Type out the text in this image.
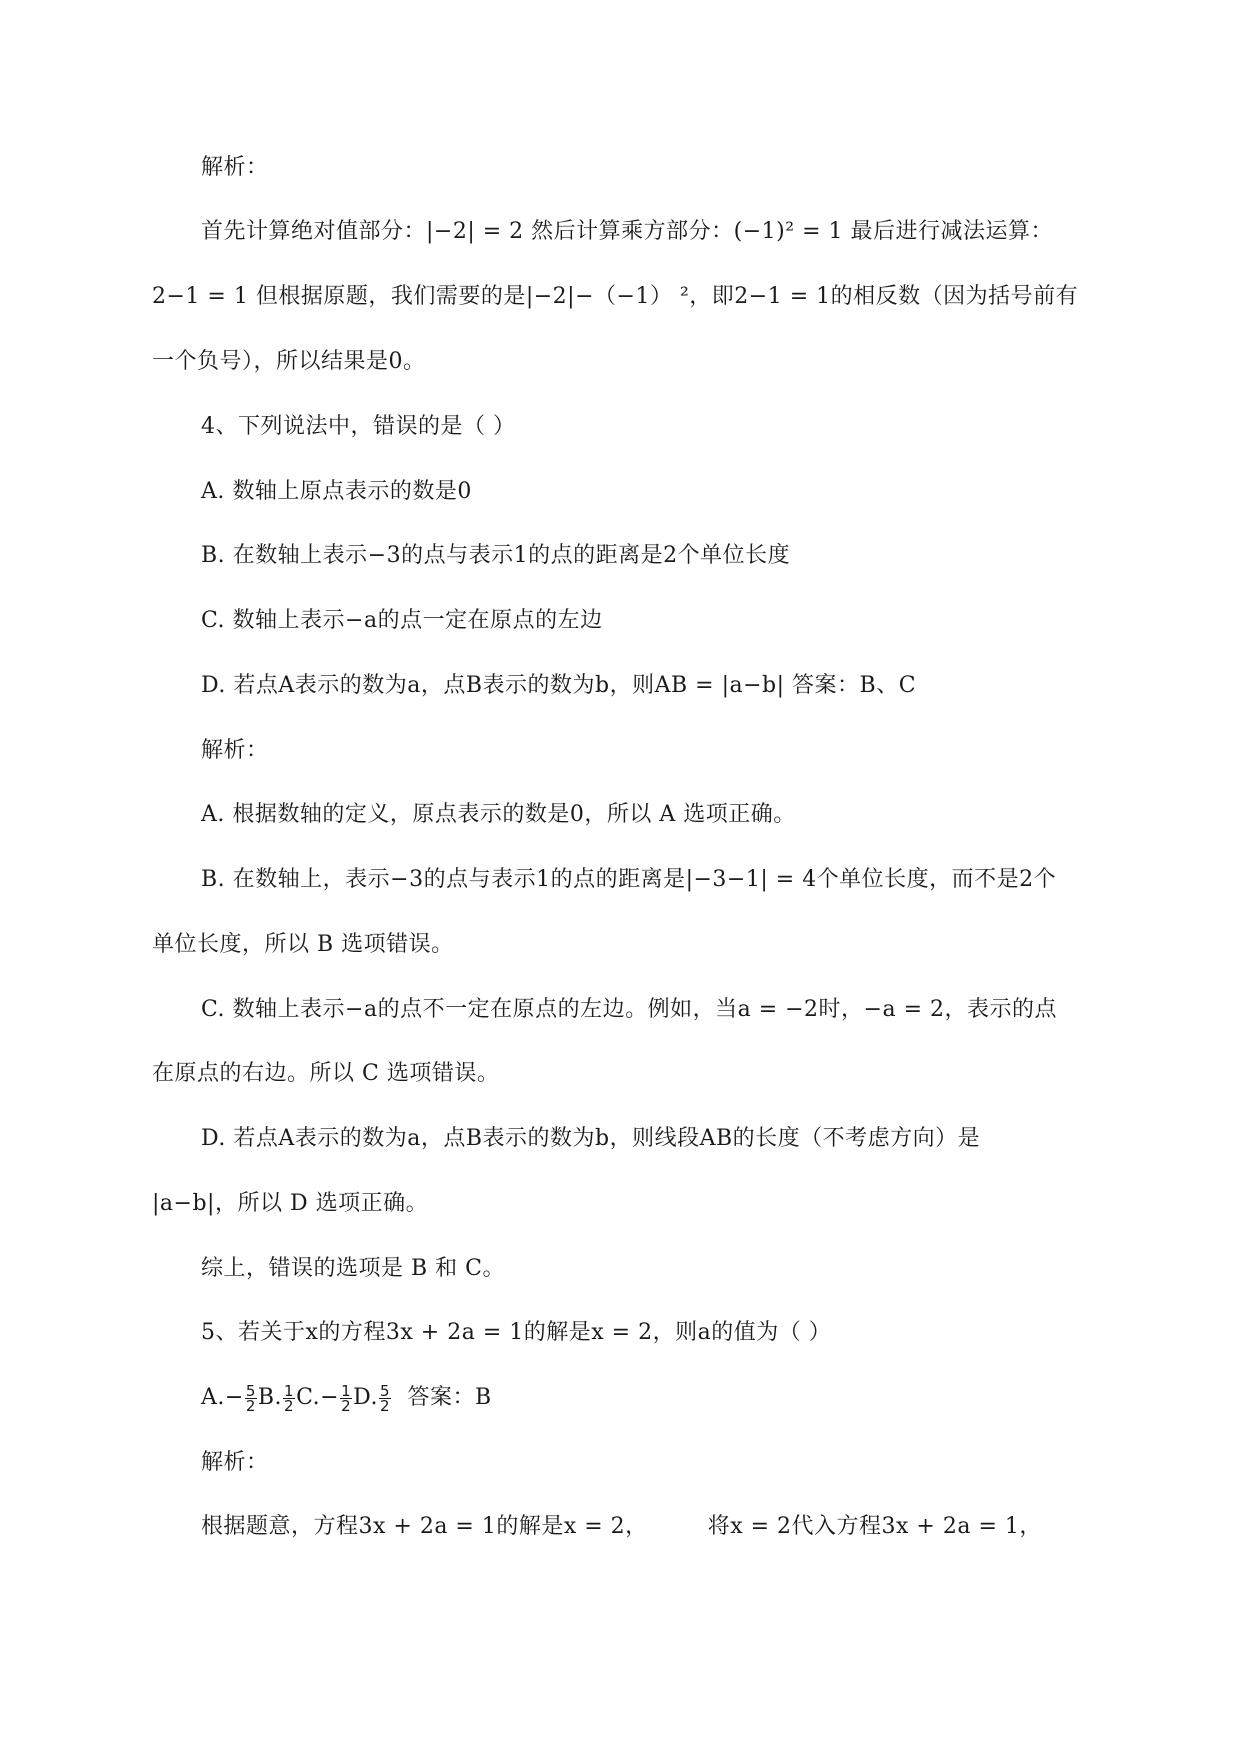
解析：
首先计算绝对值部分：|−2| = 2 然后计算乘方部分：(−1)² = 1 最后进行减法运算：
2−1 = 1 但根据原题，我们需要的是|−2|−（−1） ²，即2−1 = 1的相反数（因为括号前有
一个负号），所以结果是0。
4、下列说法中，错误的是（ ）
A. 数轴上原点表示的数是0
B. 在数轴上表示−3的点与表示1的点的距离是2个单位长度
C. 数轴上表示−a的点一定在原点的左边
D. 若点A表示的数为a，点B表示的数为b，则AB = |a−b| 答案：B、C
解析：
A. 根据数轴的定义，原点表示的数是0，所以 A 选项正确。
B. 在数轴上，表示−3的点与表示1的点的距离是|−3−1| = 4个单位长度，而不是2个
单位长度，所以 B 选项错误。
C. 数轴上表示−a的点不一定在原点的左边。例如，当a = −2时，−a = 2，表示的点
在原点的右边。所以 C 选项错误。
D. 若点A表示的数为a，点B表示的数为b，则线段AB的长度（不考虑方向）是
|a−b|，所以 D 选项正确。
综上，错误的选项是 B 和 C。
5、若关于x的方程3x + 2a = 1的解是x = 2，则a的值为（ ）
$A.- \frac{5}{2} B$. $\frac{1}{2} C.- \frac{1}{2} D$. $\frac{5}{2}$ 答案：B
解析：
根据题意，方程3x + 2a = 1的解是x = 2，	将x = 2代入方程3x + 2a = 1，
